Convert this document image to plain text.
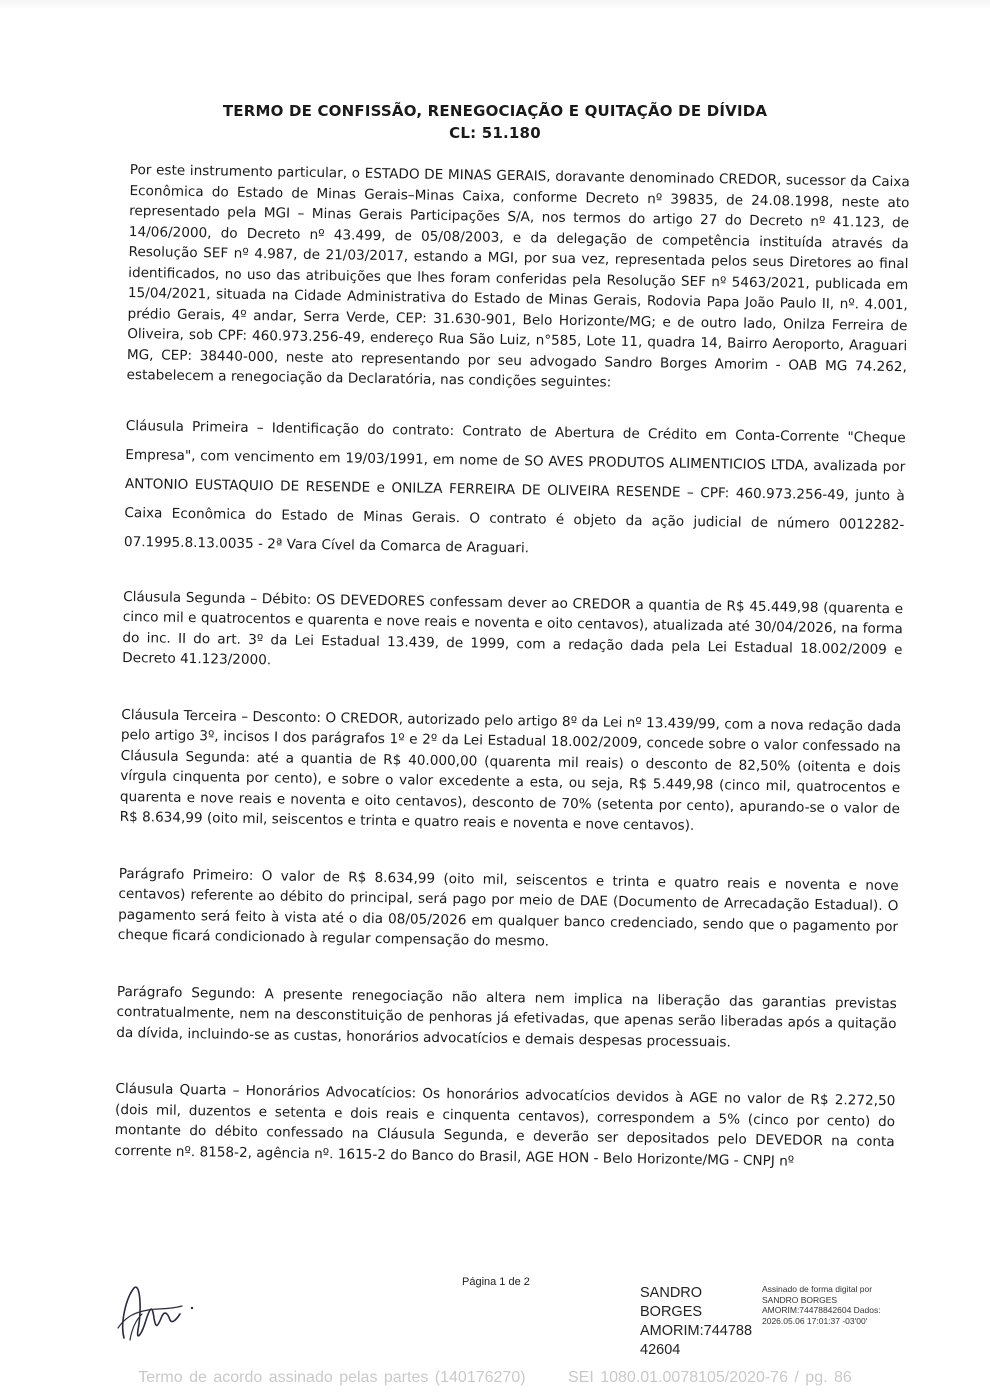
TERMO DE CONFISSÃO, RENEGOCIAÇÃO E QUITAÇÃO DE DÍVIDA
CL: 51.180

Por este instrumento particular, o ESTADO DE MINAS GERAIS, doravante denominado CREDOR, sucessor da Caixa Econômica do Estado de Minas Gerais–Minas Caixa, conforme Decreto nº 39835, de 24.08.1998, neste ato representado pela MGI – Minas Gerais Participações S/A, nos termos do artigo 27 do Decreto nº 41.123, de 14/06/2000, do Decreto nº 43.499, de 05/08/2003, e da delegação de competência instituída através da Resolução SEF nº 4.987, de 21/03/2017, estando a MGI, por sua vez, representada pelos seus Diretores ao final identificados, no uso das atribuições que lhes foram conferidas pela Resolução SEF nº 5463/2021, publicada em 15/04/2021, situada na Cidade Administrativa do Estado de Minas Gerais, Rodovia Papa João Paulo II, nº. 4.001, prédio Gerais, 4º andar, Serra Verde, CEP: 31.630-901, Belo Horizonte/MG; e de outro lado, Onilza Ferreira de Oliveira, sob CPF: 460.973.256-49, endereço Rua São Luiz, n°585, Lote 11, quadra 14, Bairro Aeroporto, Araguari MG, CEP: 38440-000, neste ato representando por seu advogado Sandro Borges Amorim - OAB MG 74.262, estabelecem a renegociação da Declaratória, nas condições seguintes:

Cláusula Primeira – Identificação do contrato: Contrato de Abertura de Crédito em Conta-Corrente "Cheque Empresa", com vencimento em 19/03/1991, em nome de SO AVES PRODUTOS ALIMENTICIOS LTDA, avalizada por ANTONIO EUSTAQUIO DE RESENDE e ONILZA FERREIRA DE OLIVEIRA RESENDE – CPF: 460.973.256-49, junto à Caixa Econômica do Estado de Minas Gerais. O contrato é objeto da ação judicial de número 0012282-07.1995.8.13.0035 - 2ª Vara Cível da Comarca de Araguari.

Cláusula Segunda – Débito: OS DEVEDORES confessam dever ao CREDOR a quantia de R$ 45.449,98 (quarenta e cinco mil e quatrocentos e quarenta e nove reais e noventa e oito centavos), atualizada até 30/04/2026, na forma do inc. II do art. 3º da Lei Estadual 13.439, de 1999, com a redação dada pela Lei Estadual 18.002/2009 e Decreto 41.123/2000.

Cláusula Terceira – Desconto: O CREDOR, autorizado pelo artigo 8º da Lei nº 13.439/99, com a nova redação dada pelo artigo 3º, incisos I dos parágrafos 1º e 2º da Lei Estadual 18.002/2009, concede sobre o valor confessado na Cláusula Segunda: até a quantia de R$ 40.000,00 (quarenta mil reais) o desconto de 82,50% (oitenta e dois vírgula cinquenta por cento), e sobre o valor excedente a esta, ou seja, R$ 5.449,98 (cinco mil, quatrocentos e quarenta e nove reais e noventa e oito centavos), desconto de 70% (setenta por cento), apurando-se o valor de R$ 8.634,99 (oito mil, seiscentos e trinta e quatro reais e noventa e nove centavos).

Parágrafo Primeiro: O valor de R$ 8.634,99 (oito mil, seiscentos e trinta e quatro reais e noventa e nove centavos) referente ao débito do principal, será pago por meio de DAE (Documento de Arrecadação Estadual). O pagamento será feito à vista até o dia 08/05/2026 em qualquer banco credenciado, sendo que o pagamento por cheque ficará condicionado à regular compensação do mesmo.

Parágrafo Segundo: A presente renegociação não altera nem implica na liberação das garantias previstas contratualmente, nem na desconstituição de penhoras já efetivadas, que apenas serão liberadas após a quitação da dívida, incluindo-se as custas, honorários advocatícios e demais despesas processuais.

Cláusula Quarta – Honorários Advocatícios: Os honorários advocatícios devidos à AGE no valor de R$ 2.272,50 (dois mil, duzentos e setenta e dois reais e cinquenta centavos), correspondem a 5% (cinco por cento) do montante do débito confessado na Cláusula Segunda, e deverão ser depositados pelo DEVEDOR na conta corrente nº. 8158-2, agência nº. 1615-2 do Banco do Brasil, AGE HON - Belo Horizonte/MG - CNPJ nº

Página 1 de 2
SANDRO BORGES AMORIM:744788 42604
Assinado de forma digital por SANDRO BORGES AMORIM:74478842604 Dados: 2026.05.06 17:01:37 -03'00'
Termo de acordo assinado pelas partes (140176270)	SEI 1080.01.0078105/2020-76 / pg. 86
